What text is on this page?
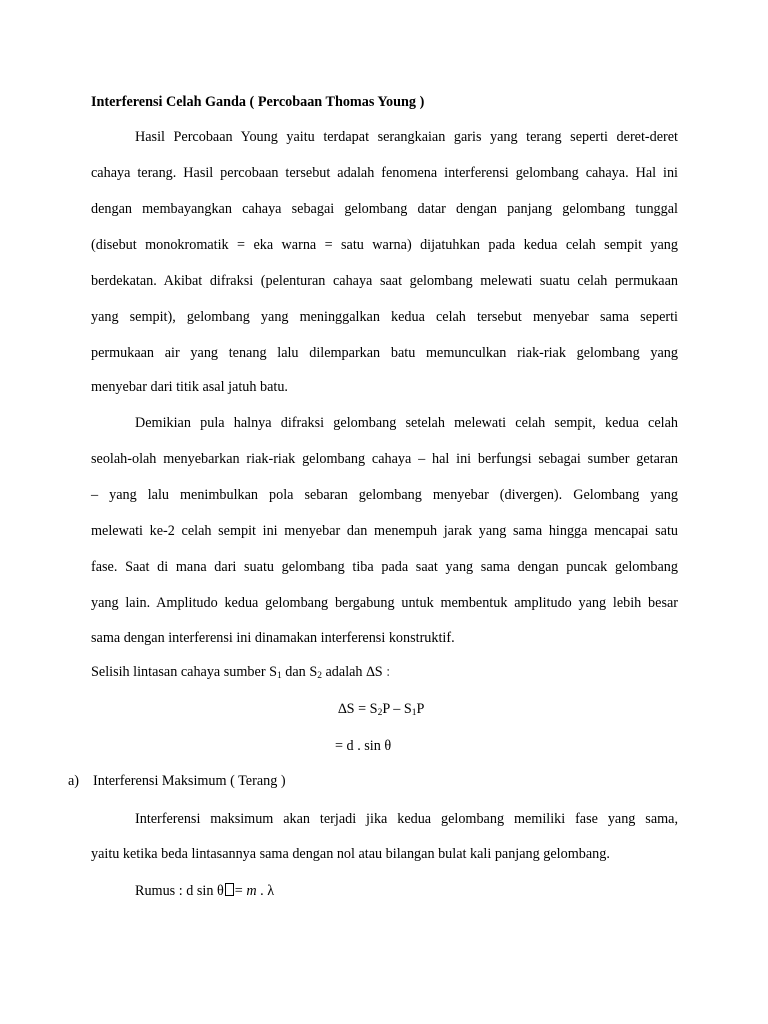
Interferensi Celah Ganda ( Percobaan Thomas Young )
Hasil Percobaan Young yaitu terdapat serangkaian garis yang terang seperti deret-deret
cahaya terang. Hasil percobaan tersebut adalah fenomena interferensi gelombang cahaya. Hal ini
dengan membayangkan cahaya sebagai gelombang datar dengan panjang gelombang tunggal
(disebut monokromatik = eka warna = satu warna) dijatuhkan pada kedua celah sempit yang
berdekatan. Akibat difraksi (pelenturan cahaya saat gelombang melewati suatu celah permukaan
yang sempit), gelombang yang meninggalkan kedua celah tersebut menyebar sama seperti
permukaan air yang tenang lalu dilemparkan batu memunculkan riak-riak gelombang yang
menyebar dari titik asal jatuh batu.
Demikian pula halnya difraksi gelombang setelah melewati celah sempit, kedua celah
seolah-olah menyebarkan riak-riak gelombang cahaya – hal ini berfungsi sebagai sumber getaran
– yang lalu menimbulkan pola sebaran gelombang menyebar (divergen). Gelombang yang
melewati ke-2 celah sempit ini menyebar dan menempuh jarak yang sama hingga mencapai satu
fase. Saat di mana dari suatu gelombang tiba pada saat yang sama dengan puncak gelombang
yang lain. Amplitudo kedua gelombang bergabung untuk membentuk amplitudo yang lebih besar
sama dengan interferensi ini dinamakan interferensi konstruktif.
Selisih lintasan cahaya sumber $S_1$ dan $S_2$ adalah ∆S :
$\Delta S = S_2P - S_1P$
= d . sin θ
a) Interferensi Maksimum ( Terang )
Interferensi maksimum akan terjadi jika kedua gelombang memiliki fase yang sama,
yaitu ketika beda lintasannya sama dengan nol atau bilangan bulat kali panjang gelombang.
Rumus : d sin θ = m . λ
